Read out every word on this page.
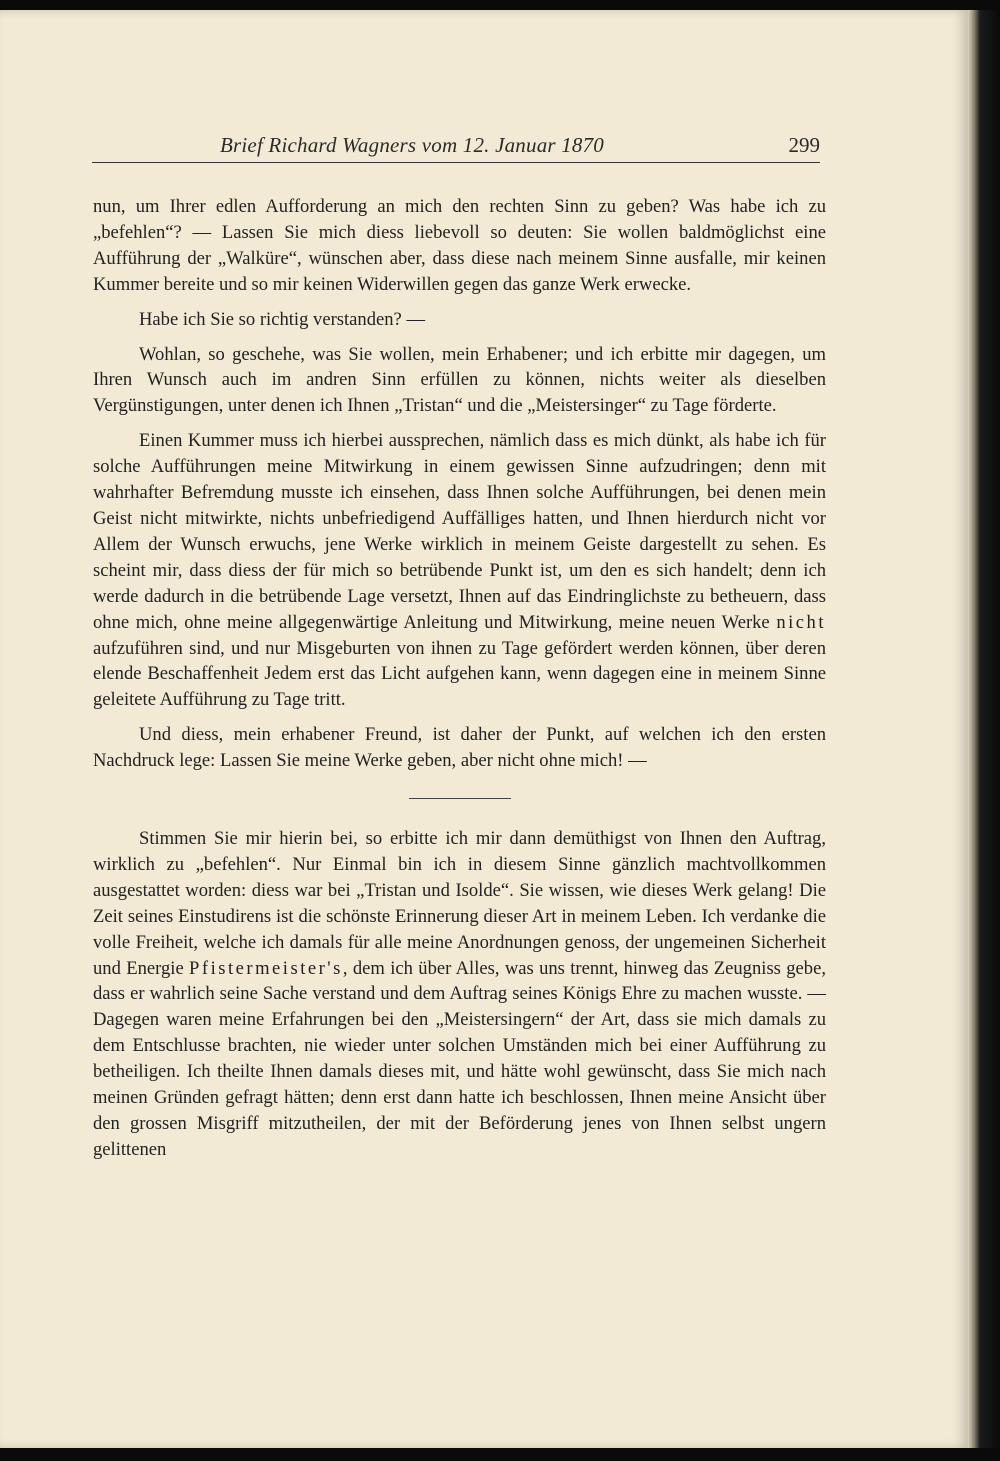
Brief Richard Wagners vom 12. Januar 1870	299

nun, um Ihrer edlen Aufforderung an mich den rechten Sinn zu geben? Was habe ich zu „befehlen“? — Lassen Sie mich diess liebevoll so deuten: Sie wollen baldmöglichst eine Aufführung der „Walküre“, wünschen aber, dass diese nach meinem Sinne ausfalle, mir keinen Kummer bereite und so mir keinen Widerwillen gegen das ganze Werk erwecke.

Habe ich Sie so richtig verstanden? —

Wohlan, so geschehe, was Sie wollen, mein Erhabener; und ich erbitte mir dagegen, um Ihren Wunsch auch im andren Sinn erfüllen zu können, nichts weiter als dieselben Vergünstigungen, unter denen ich Ihnen „Tristan“ und die „Meistersinger“ zu Tage förderte.

Einen Kummer muss ich hierbei aussprechen, nämlich dass es mich dünkt, als habe ich für solche Aufführungen meine Mitwirkung in einem gewissen Sinne aufzudringen; denn mit wahrhafter Befremdung musste ich einsehen, dass Ihnen solche Aufführungen, bei denen mein Geist nicht mitwirkte, nichts unbefriedigend Auffälliges hatten, und Ihnen hierdurch nicht vor Allem der Wunsch erwuchs, jene Werke wirklich in meinem Geiste dargestellt zu sehen. Es scheint mir, dass diess der für mich so betrübende Punkt ist, um den es sich handelt; denn ich werde dadurch in die betrübende Lage versetzt, Ihnen auf das Eindringlichste zu betheuern, dass ohne mich, ohne meine allgegenwärtige Anleitung und Mitwirkung, meine neuen Werke nicht aufzuführen sind, und nur Misgeburten von ihnen zu Tage gefördert werden können, über deren elende Beschaffenheit Jedem erst das Licht aufgehen kann, wenn dagegen eine in meinem Sinne geleitete Aufführung zu Tage tritt.

Und diess, mein erhabener Freund, ist daher der Punkt, auf welchen ich den ersten Nachdruck lege: Lassen Sie meine Werke geben, aber nicht ohne mich! —

Stimmen Sie mir hierin bei, so erbitte ich mir dann demüthigst von Ihnen den Auftrag, wirklich zu „befehlen“. Nur Einmal bin ich in diesem Sinne gänzlich machtvollkommen ausgestattet worden: diess war bei „Tristan und Isolde“. Sie wissen, wie dieses Werk gelang! Die Zeit seines Einstudirens ist die schönste Erinnerung dieser Art in meinem Leben. Ich verdanke die volle Freiheit, welche ich damals für alle meine Anordnungen genoss, der ungemeinen Sicherheit und Energie Pfistermeister's, dem ich über Alles, was uns trennt, hinweg das Zeugniss gebe, dass er wahrlich seine Sache verstand und dem Auftrag seines Königs Ehre zu machen wusste. — Dagegen waren meine Erfahrungen bei den „Meistersingern“ der Art, dass sie mich damals zu dem Entschlusse brachten, nie wieder unter solchen Umständen mich bei einer Aufführung zu betheiligen. Ich theilte Ihnen damals dieses mit, und hätte wohl gewünscht, dass Sie mich nach meinen Gründen gefragt hätten; denn erst dann hatte ich beschlossen, Ihnen meine Ansicht über den grossen Misgriff mitzutheilen, der mit der Beförderung jenes von Ihnen selbst ungern gelittenen
